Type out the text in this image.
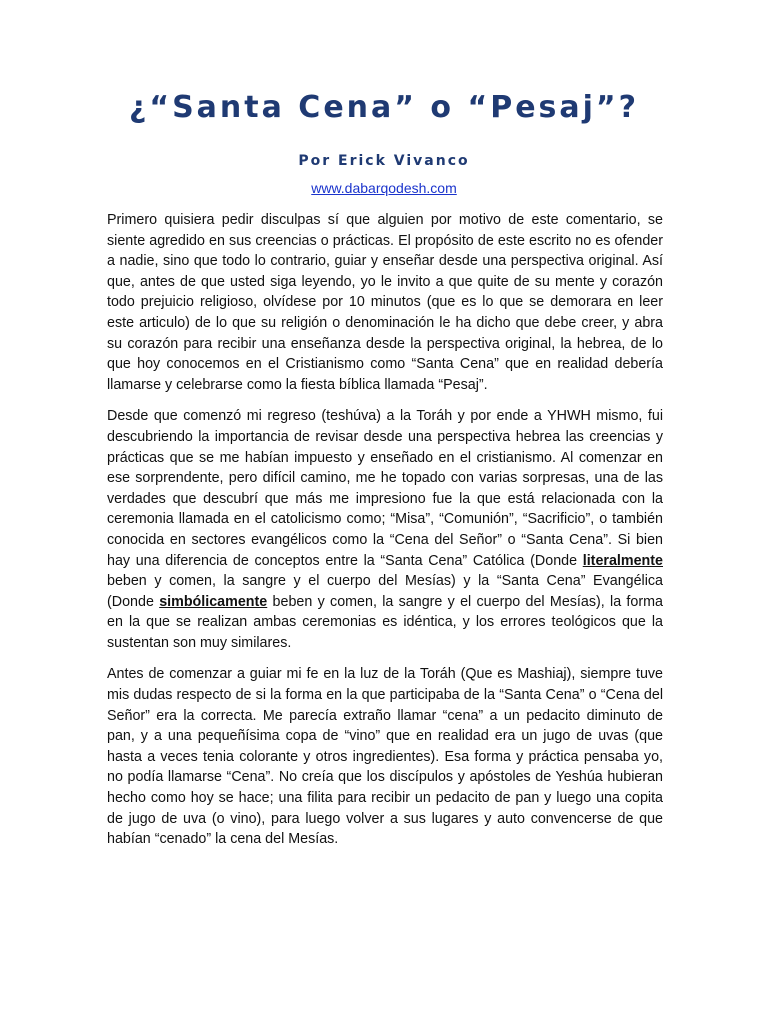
¿“Santa Cena” o “Pesaj”?
Por Erick Vivanco
www.dabarqodesh.com

Primero quisiera pedir disculpas sí que alguien por motivo de este comentario, se siente agredido en sus creencias o prácticas. El propósito de este escrito no es ofender a nadie, sino que todo lo contrario, guiar y enseñar desde una perspectiva original. Así que, antes de que usted siga leyendo, yo le invito a que quite de su mente y corazón todo prejuicio religioso, olvídese por 10 minutos (que es lo que se demorara en leer este articulo) de lo que su religión o denominación le ha dicho que debe creer, y abra su corazón para recibir una enseñanza desde la perspectiva original, la hebrea, de lo que hoy conocemos en el Cristianismo como “Santa Cena” que en realidad debería llamarse y celebrarse como la fiesta bíblica llamada “Pesaj”.

Desde que comenzó mi regreso (teshúva) a la Toráh y por ende a YHWH mismo, fui descubriendo la importancia de revisar desde una perspectiva hebrea las creencias y prácticas que se me habían impuesto y enseñado en el cristianismo. Al comenzar en ese sorprendente, pero difícil camino, me he topado con varias sorpresas, una de las verdades que descubrí que más me impresiono fue la que está relacionada con la ceremonia llamada en el catolicismo como; “Misa”, “Comunión”, “Sacrificio”, o también conocida en sectores evangélicos como la “Cena del Señor” o “Santa Cena”. Si bien hay una diferencia de conceptos entre la “Santa Cena” Católica (Donde literalmente beben y comen, la sangre y el cuerpo del Mesías) y la “Santa Cena” Evangélica (Donde simbólicamente beben y comen, la sangre y el cuerpo del Mesías), la forma en la que se realizan ambas ceremonias es idéntica, y los errores teológicos que la sustentan son muy similares.

Antes de comenzar a guiar mi fe en la luz de la Toráh (Que es Mashiaj), siempre tuve mis dudas respecto de si la forma en la que participaba de la “Santa Cena” o “Cena del Señor” era la correcta. Me parecía extraño llamar “cena” a un pedacito diminuto de pan, y a una pequeñísima copa de “vino” que en realidad era un jugo de uvas (que hasta a veces tenia colorante y otros ingredientes). Esa forma y práctica pensaba yo, no podía llamarse “Cena”. No creía que los discípulos y apóstoles de Yeshúa hubieran hecho como hoy se hace; una filita para recibir un pedacito de pan y luego una copita de jugo de uva (o vino), para luego volver a sus lugares y auto convencerse de que habían “cenado” la cena del Mesías.
